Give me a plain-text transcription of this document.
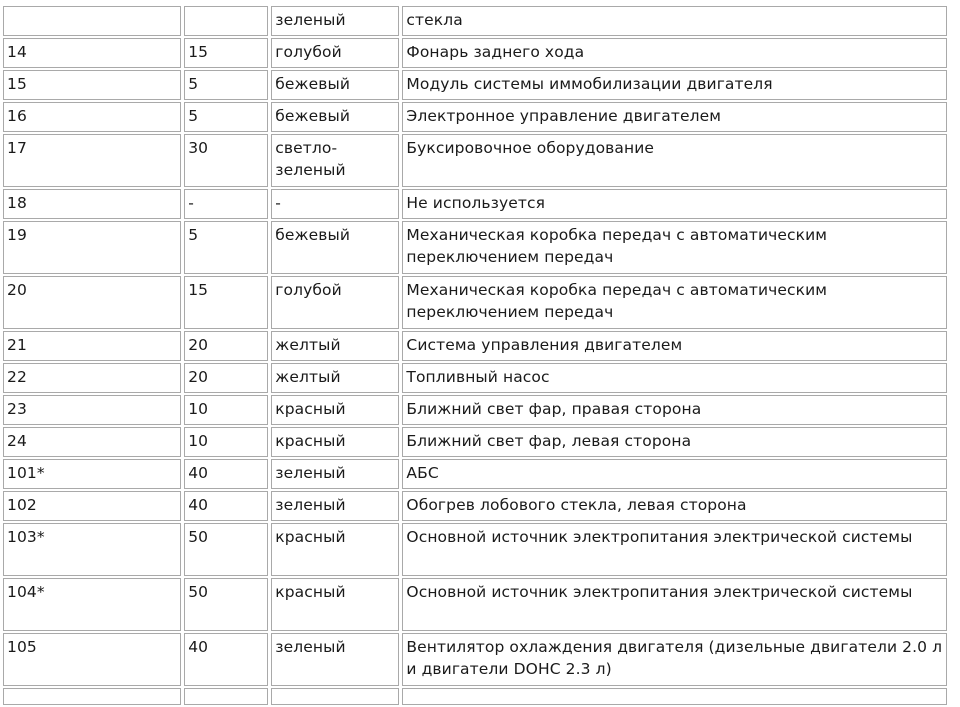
		зеленый	стекла
14	15	голубой	Фонарь заднего хода
15	5	бежевый	Модуль системы иммобилизации двигателя
16	5	бежевый	Электронное управление двигателем
17	30	светло-зеленый	Буксировочное оборудование
18	-	-	Не используется
19	5	бежевый	Механическая коробка передач с автоматическим переключением передач
20	15	голубой	Механическая коробка передач с автоматическим переключением передач
21	20	желтый	Система управления двигателем
22	20	желтый	Топливный насос
23	10	красный	Ближний свет фар, правая сторона
24	10	красный	Ближний свет фар, левая сторона
101*	40	зеленый	АБС
102	40	зеленый	Обогрев лобового стекла, левая сторона
103*	50	красный	Основной источник электропитания электрической системы
104*	50	красный	Основной источник электропитания электрической системы
105	40	зеленый	Вентилятор охлаждения двигателя (дизельные двигатели 2.0 л и двигатели DOHC 2.3 л)
